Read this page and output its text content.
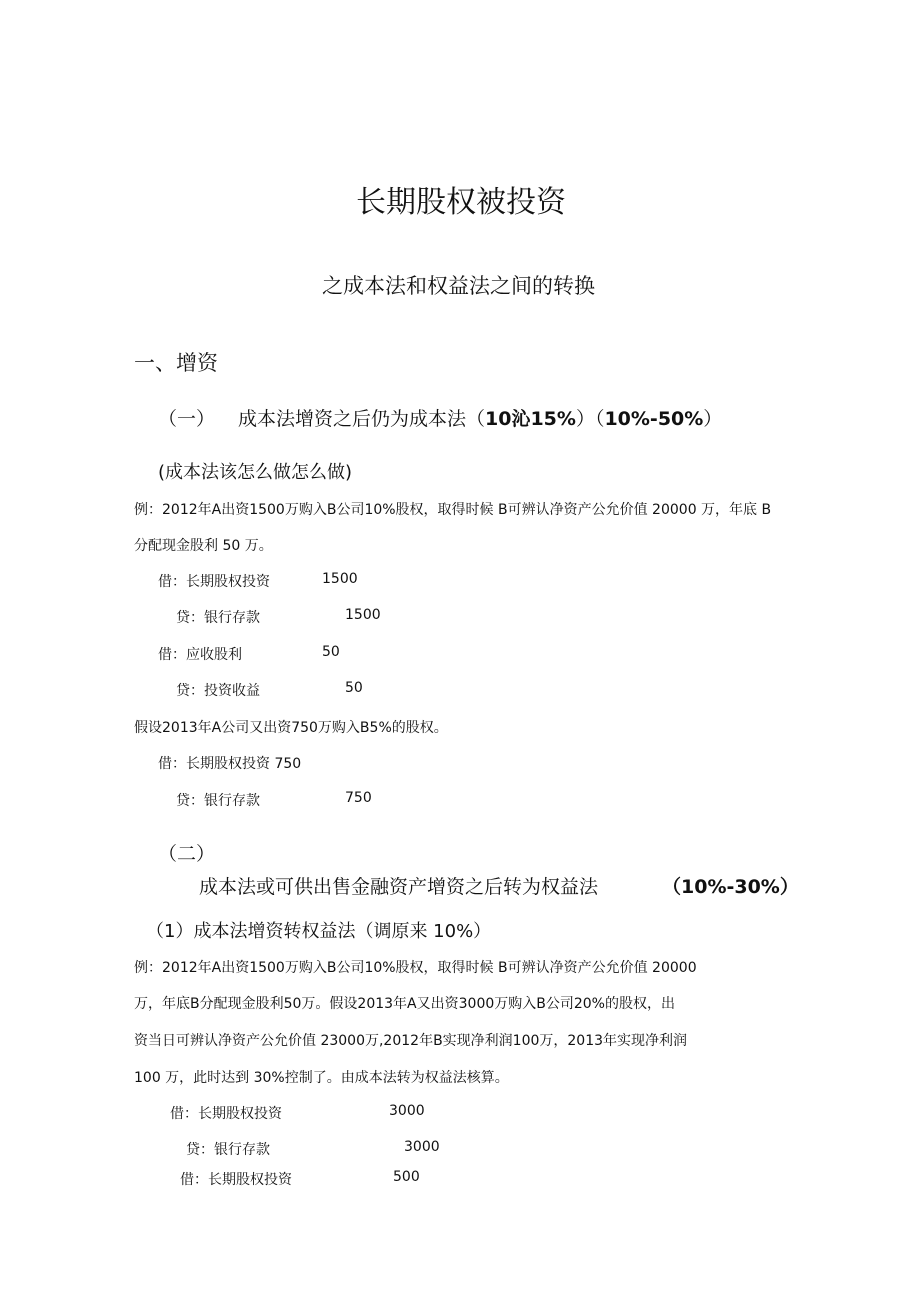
长期股权被投资
之成本法和权益法之间的转换
一、增资
（一） 成本法增资之后仍为成本法（10沁15%）（10%-50%）
(成本法该怎么做怎么做)
例：2012年A出资1500万购入B公司10%股权，取得时候 B可辨认净资产公允价值 20000 万，年底 B
分配现金股利 50 万。
借：长期股权投资	1500
贷：银行存款	1500
借：应收股利	50
贷：投资收益	50
假设2013年A公司又出资750万购入B5%的股权。
借：长期股权投资 750
贷：银行存款	750
（二）
成本法或可供出售金融资产增资之后转为权益法	（10%-30%）
（1）成本法增资转权益法（调原来 10%）
例：2012年A出资1500万购入B公司10%股权，取得时候 B可辨认净资产公允价值 20000
万，年底B分配现金股利50万。假设2013年A又出资3000万购入B公司20%的股权，出
资当日可辨认净资产公允价值 23000万,2012年B实现净利润100万，2013年实现净利润
100 万，此时达到 30%控制了。由成本法转为权益法核算。
借：长期股权投资	3000
贷：银行存款	3000
借：长期股权投资	500
